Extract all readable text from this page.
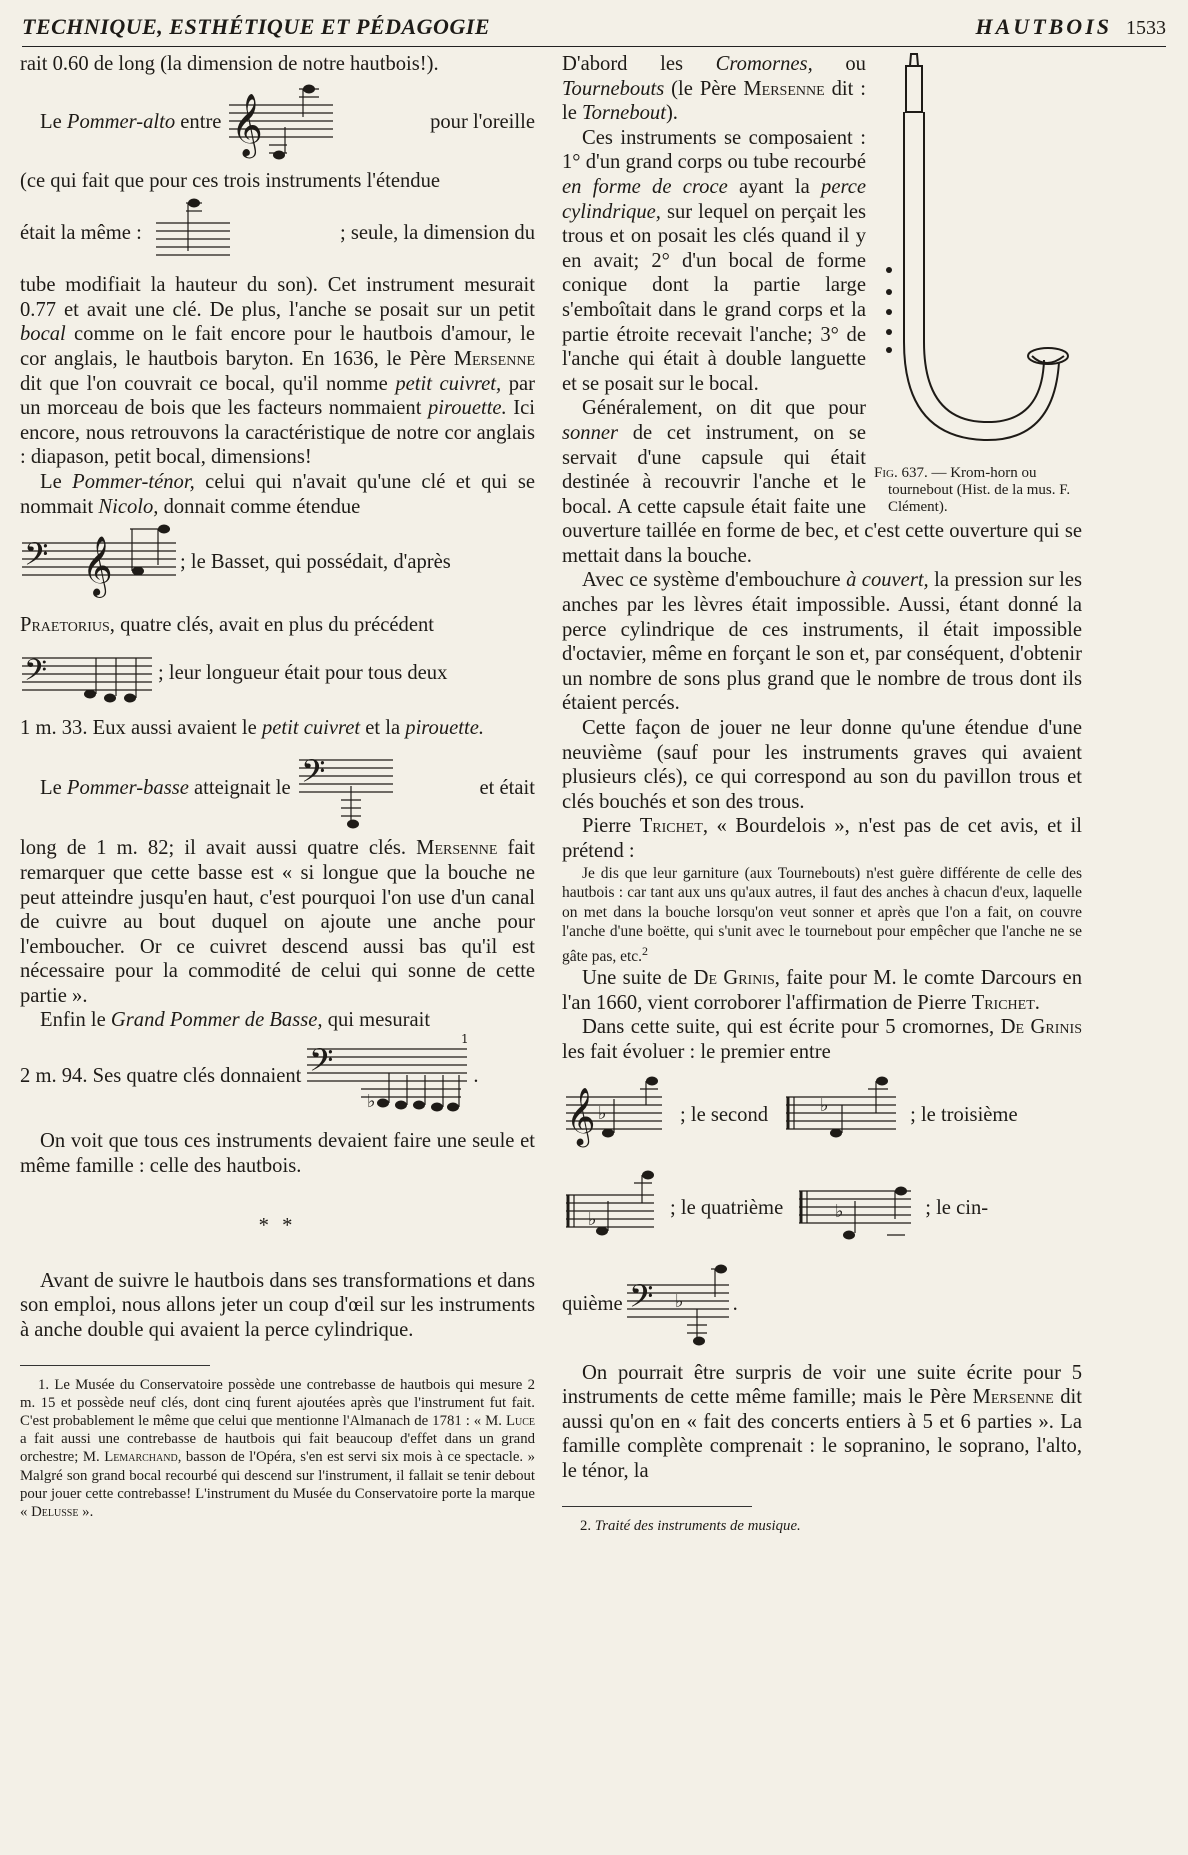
TECHNIQUE, ESTHÉTIQUE ET PÉDAGOGIE	HAUTBOIS 1533

rait 0.60 de long (la dimension de notre hautbois!).

Le Pommer-alto entre 𝄞	pour l'oreille

(ce qui fait que pour ces trois instruments l'étendue

était la même :	; seule, la dimension du

tube modifiait la hauteur du son). Cet instrument mesurait 0.77 et avait une clé. De plus, l'anche se posait sur un petit bocal comme on le fait encore pour le hautbois d'amour, le cor anglais, le hautbois baryton. En 1636, le Père Mersenne dit que l'on couvrait ce bocal, qu'il nomme petit cuivret, par un morceau de bois que les facteurs nommaient pirouette. Ici encore, nous retrouvons la caractéristique de notre cor anglais : diapason, petit bocal, dimensions!

Le Pommer-ténor, celui qui n'avait qu'une clé et qui se nommait Nicolo, donnait comme étendue

𝄢 𝄞	; le Basset, qui possédait, d'après

Praetorius, quatre clés, avait en plus du précédent

𝄢	; leur longueur était pour tous deux

1 m. 33. Eux aussi avaient le petit cuivret et la pirouette.

Le Pommer-basse atteignait le 𝄢	et était

long de 1 m. 82; il avait aussi quatre clés. Mersenne fait remarquer que cette basse est « si longue que la bouche ne peut atteindre jusqu'en haut, c'est pourquoi l'on use d'un canal de cuivre au bout duquel on ajoute une anche pour l'emboucher. Or ce cuivret descend aussi bas qu'il est nécessaire pour la commodité de celui qui sonne de cette partie ».

Enfin le Grand Pommer de Basse, qui mesurait

2 m. 94. Ses quatre clés donnaient 𝄢
♭
1
.

On voit que tous ces instruments devaient faire une seule et même famille : celle des hautbois.

* *

Avant de suivre le hautbois dans ses transformations et dans son emploi, nous allons jeter un coup d'œil sur les instruments à anche double qui avaient la perce cylindrique.

1. Le Musée du Conservatoire possède une contrebasse de hautbois qui mesure 2 m. 15 et possède neuf clés, dont cinq furent ajoutées après que l'instrument fut fait. C'est probablement le même que celui que mentionne l'Almanach de 1781 : « M. Luce a fait aussi une contrebasse de hautbois qui fait beaucoup d'effet dans un grand orchestre; M. Lemarchand, basson de l'Opéra, s'en est servi six mois à ce spectacle. » Malgré son grand bocal recourbé qui descend sur l'instrument, il fallait se tenir debout pour jouer cette contrebasse! L'instrument du Musée du Conservatoire porte la marque « Delusse ».

Fig. 637. — Krom-horn ou tournebout (Hist. de la mus. F. Clément).

D'abord les Cromornes, ou Tournebouts (le Père Mersenne dit : le Tornebout).

Ces instruments se composaient : 1° d'un grand corps ou tube recourbé en forme de croce ayant la perce cylindrique, sur lequel on perçait les trous et on posait les clés quand il y en avait; 2° d'un bocal de forme conique dont la partie large s'emboîtait dans le grand corps et la partie étroite recevait l'anche; 3° de l'anche qui était à double languette et se posait sur le bocal.

Généralement, on dit que pour sonner de cet instrument, on se servait d'une capsule qui était destinée à recouvrir l'anche et le bocal. A cette capsule était faite une ouverture taillée en forme de bec, et c'est cette ouverture qui se mettait dans la bouche.

Avec ce système d'embouchure à couvert, la pression sur les anches par les lèvres était impossible. Aussi, étant donné la perce cylindrique de ces instruments, il était impossible d'octavier, même en forçant le son et, par conséquent, d'obtenir un nombre de sons plus grand que le nombre de trous dont ils étaient percés.

Cette façon de jouer ne leur donne qu'une étendue d'une neuvième (sauf pour les instruments graves qui avaient plusieurs clés), ce qui correspond au son du pavillon trous et clés bouchés et son des trous.

Pierre Trichet, « Bourdelois », n'est pas de cet avis, et il prétend :

Je dis que leur garniture (aux Tournebouts) n'est guère différente de celle des hautbois : car tant aux uns qu'aux autres, il faut des anches à chacun d'eux, laquelle on met dans la bouche lorsqu'on veut sonner et après que l'on a fait, on couvre l'anche d'une boëtte, qui s'unit avec le tournebout pour empêcher que l'anche ne se gâte pas, etc.$^2$

Une suite de De Grinis, faite pour M. le comte Darcours en l'an 1660, vient corroborer l'affirmation de Pierre Trichet.

Dans cette suite, qui est écrite pour 5 cromornes, De Grinis les fait évoluer : le premier entre

𝄞 ♭	; le second	♭	; le troisième
♭	; le quatrième	♭	; le cin-
quième 𝄢 ♭ .

On pourrait être surpris de voir une suite écrite pour 5 instruments de cette même famille; mais le Père Mersenne dit aussi qu'on en « fait des concerts entiers à 5 et 6 parties ». La famille complète comprenait : le sopranino, le soprano, l'alto, le ténor, la

2. Traité des instruments de musique.
